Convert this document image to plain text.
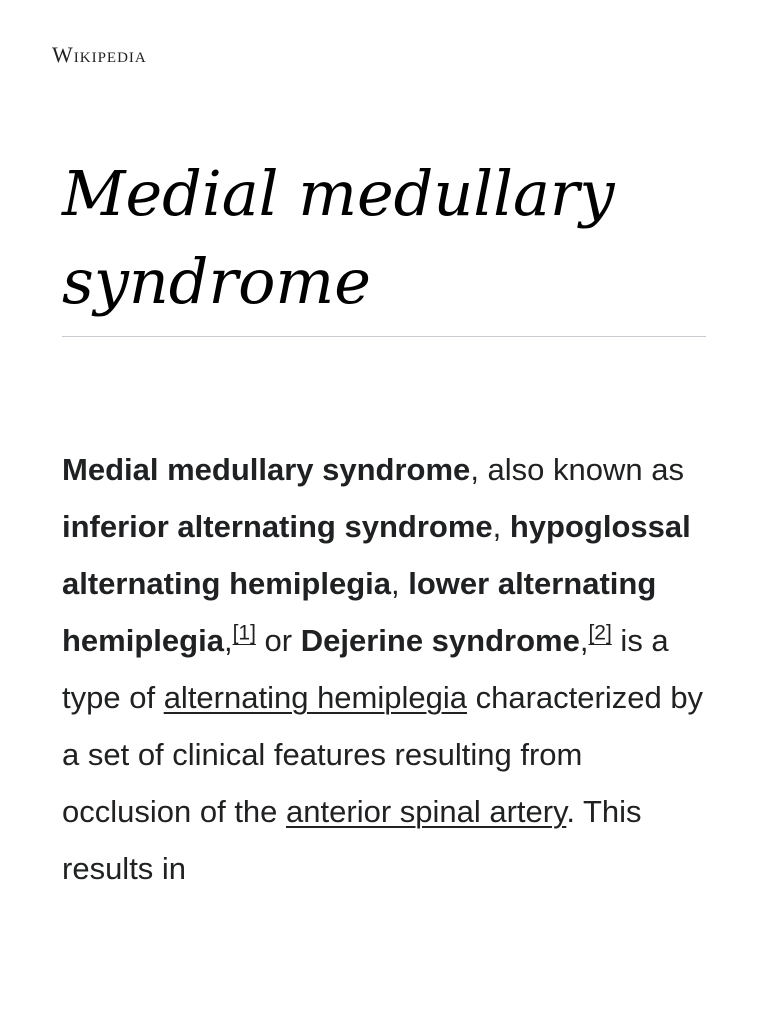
Wikipedia
Medial medullary
syndrome

Medial medullary syndrome, also known as inferior alternating syndrome, hypoglossal alternating hemiplegia, lower alternating hemiplegia,[1] or Dejerine syndrome,[2] is a type of alternating hemiplegia characterized by a set of clinical features resulting from occlusion of the anterior spinal artery. This results in
